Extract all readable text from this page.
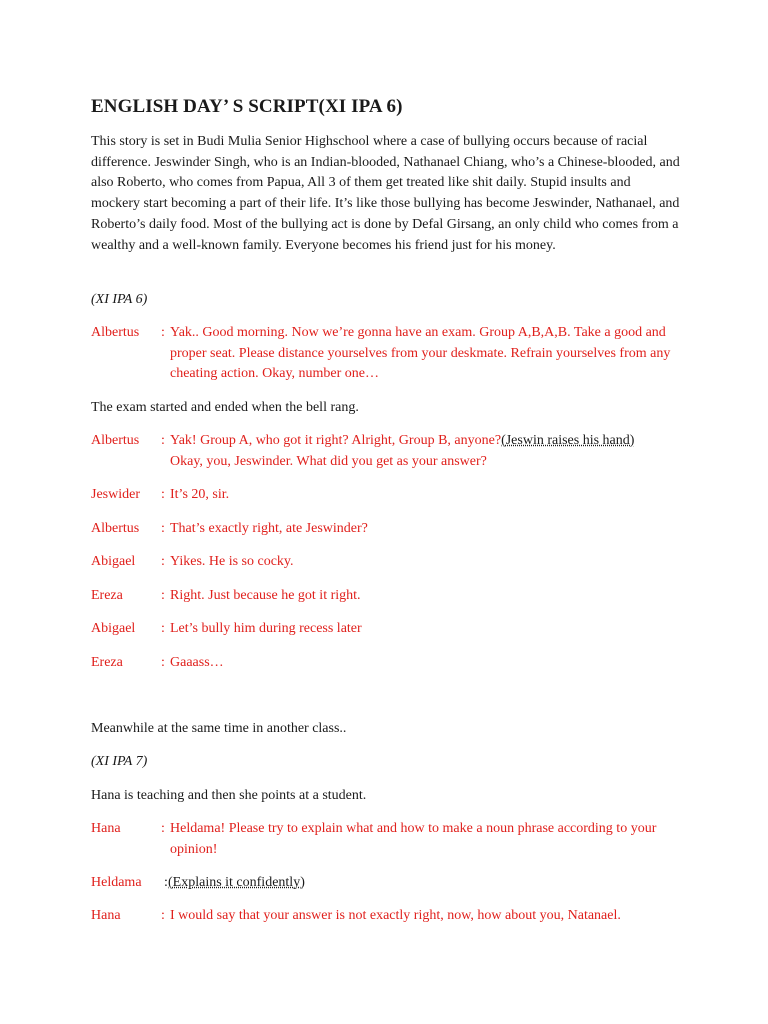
ENGLISH DAY’ S SCRIPT(XI IPA 6)
This story is set in Budi Mulia Senior Highschool where a case of bullying occurs because of racial difference. Jeswinder Singh, who is an Indian-blooded, Nathanael Chiang, who’s a Chinese-blooded, and also Roberto, who comes from Papua, All 3 of them get treated like shit daily. Stupid insults and mockery start becoming a part of their life. It’s like those bullying has become Jeswinder, Nathanael, and Roberto’s daily food. Most of the bullying act is done by Defal Girsang, an only child who comes from a wealthy and a well-known family. Everyone becomes his friend just for his money.
(XI IPA 6)
Albertus : Yak.. Good morning. Now we’re gonna have an exam. Group A,B,A,B. Take a good and proper seat. Please distance yourselves from your deskmate. Refrain yourselves from any cheating action. Okay, number one…
The exam started and ended when the bell rang.
Albertus : Yak! Group A, who got it right? Alright, Group B, anyone?(Jeswin raises his hand)
Okay, you, Jeswinder. What did you get as your answer?
Jeswider : It’s 20, sir.
Albertus : That’s exactly right, ate Jeswinder?
Abigael : Yikes. He is so cocky.
Ereza	: Right. Just because he got it right.
Abigael : Let’s bully him during recess later
Ereza	: Gaaass…
Meanwhile at the same time in another class..
(XI IPA 7)
Hana is teaching and then she points at a student.
Hana	: Heldama! Please try to explain what and how to make a noun phrase according to your opinion!
Heldama : (Explains it confidently)
Hana	: I would say that your answer is not exactly right, now, how about you, Natanael.
